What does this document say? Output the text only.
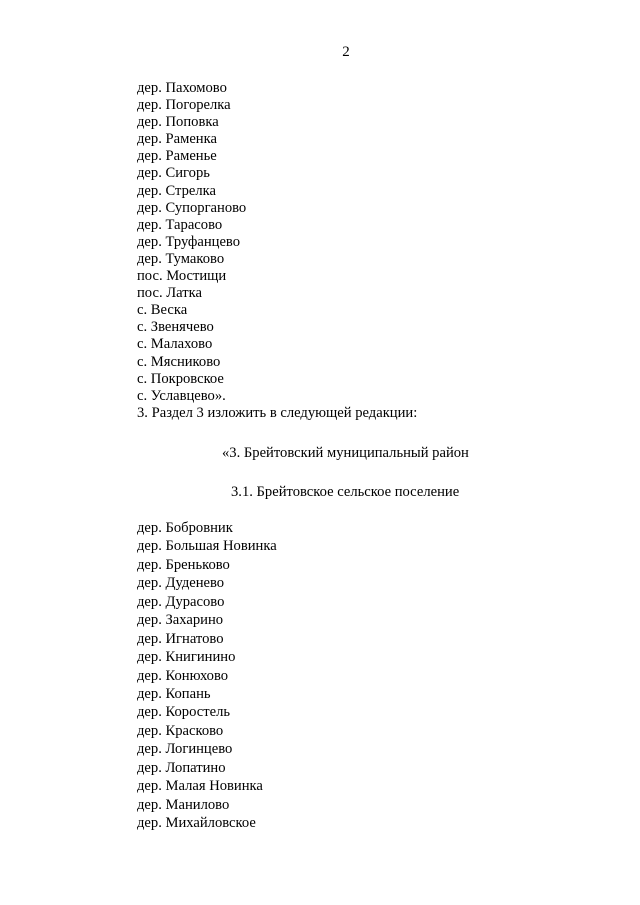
2
дер. Пахомово
дер. Погорелка
дер. Поповка
дер. Раменка
дер. Раменье
дер. Сигорь
дер. Стрелка
дер. Супорганово
дер. Тарасово
дер. Труфанцево
дер. Тумаково
пос. Мостищи
пос. Латка
с. Веска
с. Звенячево
с. Малахово
с. Мясниково
с. Покровское
с. Уславцево».
3. Раздел 3 изложить в следующей редакции:
«3. Брейтовский муниципальный район
3.1. Брейтовское сельское поселение
дер. Бобровник
дер. Большая Новинка
дер. Бреньково
дер. Дуденево
дер. Дурасово
дер. Захарино
дер. Игнатово
дер. Книгинино
дер. Конюхово
дер. Копань
дер. Коростель
дер. Красково
дер. Логинцево
дер. Лопатино
дер. Малая Новинка
дер. Манилово
дер. Михайловское
